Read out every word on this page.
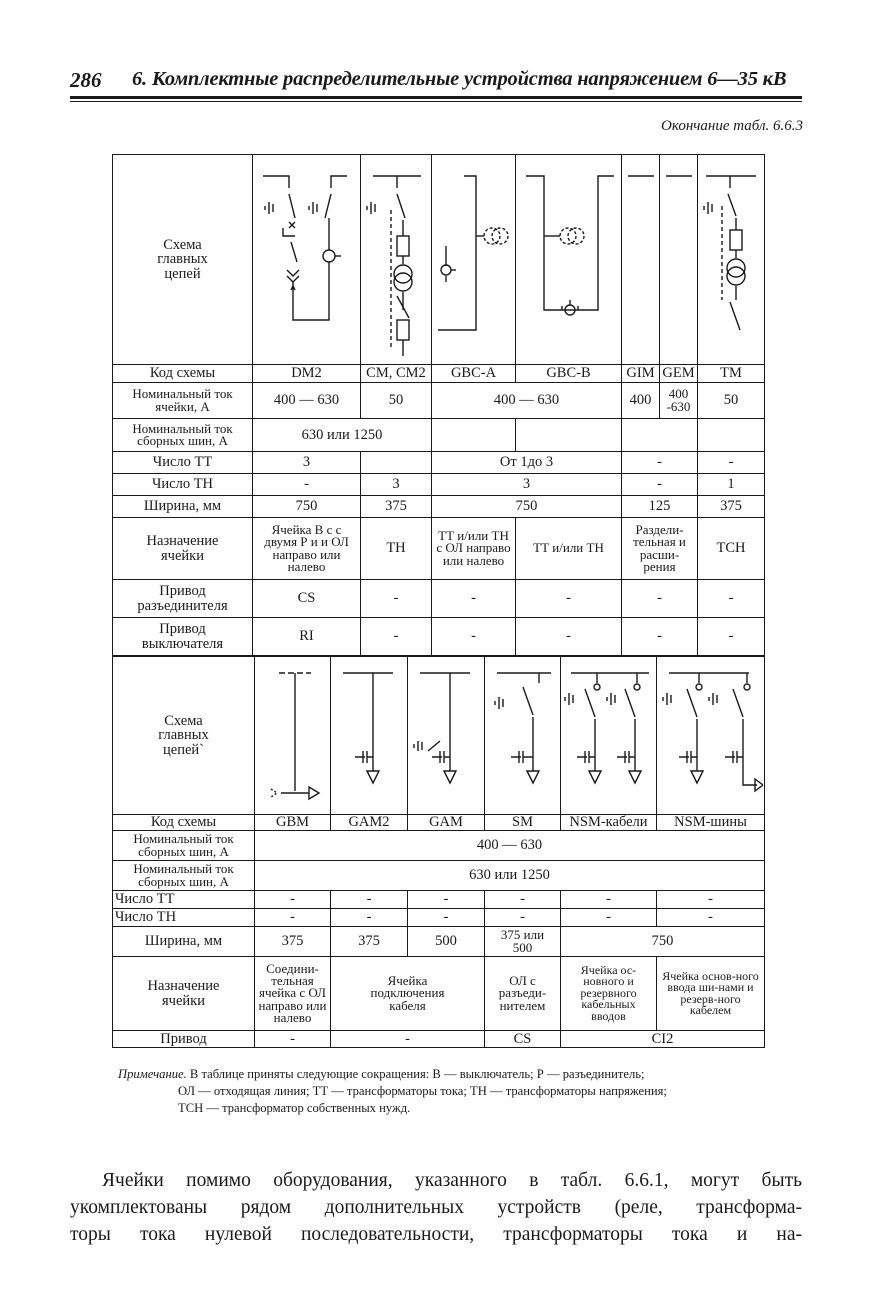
286 6. Комплектные распределительные устройства напряжением 6—35 кВ
Окончание табл. 6.6.3
Схема главных цепей	

Код схемы	DM2	CM, CM2	GBC-A	GBC-B	GIM	GEM	TM
Номинальный ток ячейки, А	400 — 630	50	400 — 630		400	400 -630	50
Номинальный ток сборных шин, А	630 или 1250						
Число ТТ	3		От 1до 3		-		-
Число ТН	-	3	3		-		1
Ширина, мм	750	375	750		125		375
Назначение ячейки	Ячейка В с с двумя Р и и ОЛ направо или налево	ТН	ТТ и/или ТН с ОЛ направо или налево	ТТ и/или ТН	Раздели-тельная и расши-рения		ТСН
Привод разъединителя	CS	-	-	-	-		-
Привод выключателя	RI	-	-	-	-		-
Схема главных цепей`	

Код схемы	GBM	GAM2	GAM	SM	NSM-кабели	NSM-шины
Номинальный ток сборных шин, А	400 — 630					
Номинальный ток сборных шин, А	630 или 1250					
Число ТТ	-	-	-	-	-	-
Число ТН	-	-	-	-	-	-
Ширина, мм	375	375	500	375 или 500	750	
Назначение ячейки	Соедини-тельная ячейка с ОЛ направо или налево	Ячейка подключения кабеля		ОЛ с разъеди-нителем	Ячейка ос-новного и резервного кабельных вводов	Ячейка основ-ного ввода ши-нами и резерв-ного кабелем
Привод	-	-		CS	CI2	

Примечание. В таблице приняты следующие сокращения: В — выключатель; Р — разъединитель;

ОЛ — отходящая линия; ТТ — трансформаторы тока; ТН — трансформаторы напряжения;

ТСН — трансформатор собственных нужд.

Ячейки помимо оборудования, указанного в табл. 6.6.1, могут быть

укомплектованы рядом дополнительных устройств (реле, трансформа-

торы тока нулевой последовательности, трансформаторы тока и на-
